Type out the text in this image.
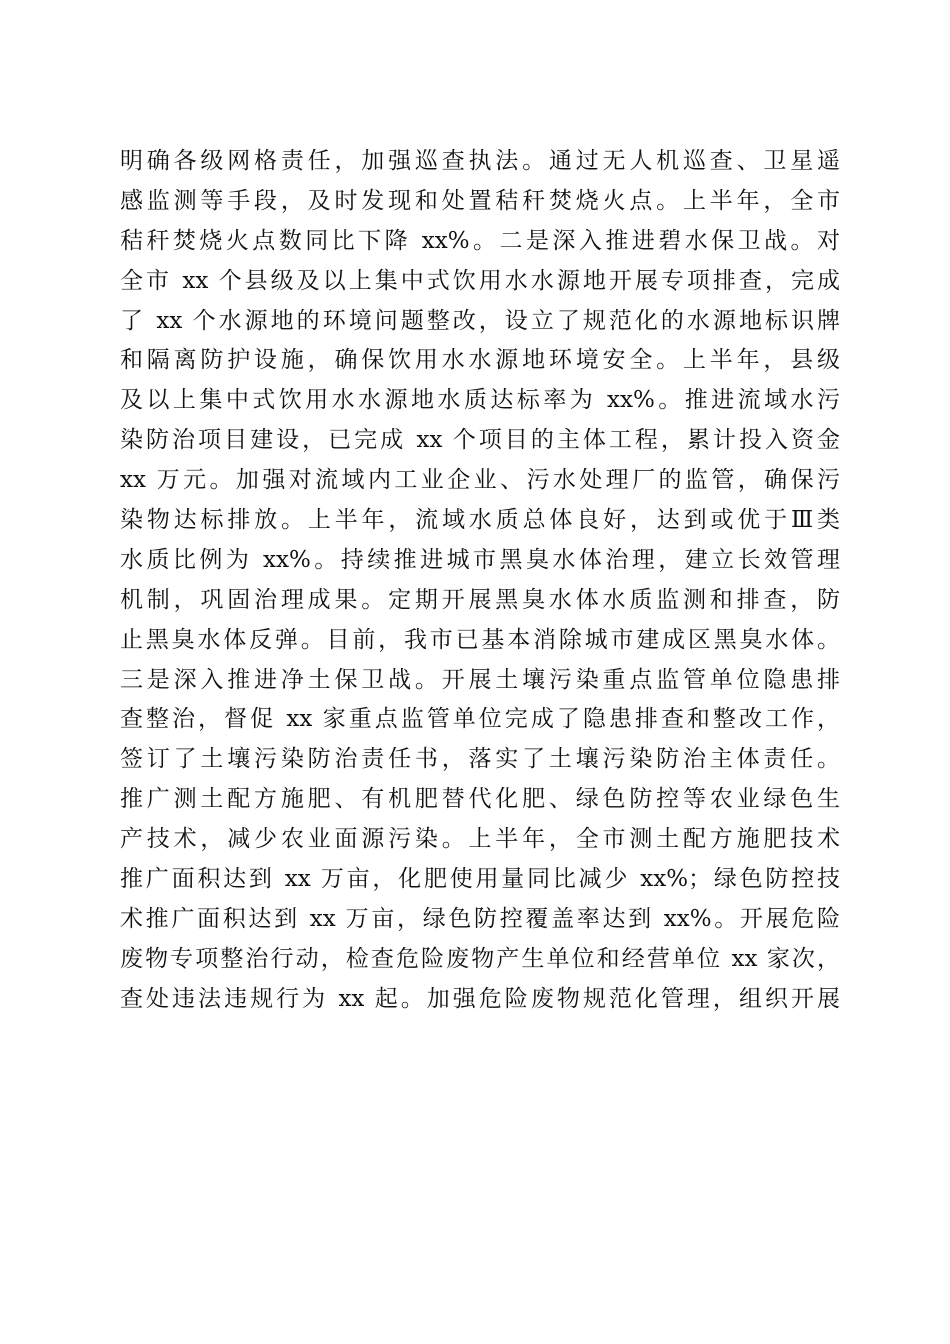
明确各级网格责任，加强巡查执法。通过无人机巡查、卫星遥
感监测等手段，及时发现和处置秸秆焚烧火点。上半年，全市
秸秆焚烧火点数同比下降 xx%。二是深入推进碧水保卫战。对
全市 xx 个县级及以上集中式饮用水水源地开展专项排查，完成
了 xx 个水源地的环境问题整改，设立了规范化的水源地标识牌
和隔离防护设施，确保饮用水水源地环境安全。上半年，县级
及以上集中式饮用水水源地水质达标率为 xx%。推进流域水污
染防治项目建设，已完成 xx 个项目的主体工程，累计投入资金
xx 万元。加强对流域内工业企业、污水处理厂的监管，确保污
染物达标排放。上半年，流域水质总体良好，达到或优于Ⅲ类
水质比例为 xx%。持续推进城市黑臭水体治理，建立长效管理
机制，巩固治理成果。定期开展黑臭水体水质监测和排查，防
止黑臭水体反弹。目前，我市已基本消除城市建成区黑臭水体。
三是深入推进净土保卫战。开展土壤污染重点监管单位隐患排
查整治，督促 xx 家重点监管单位完成了隐患排查和整改工作，
签订了土壤污染防治责任书，落实了土壤污染防治主体责任。
推广测土配方施肥、有机肥替代化肥、绿色防控等农业绿色生
产技术，减少农业面源污染。上半年，全市测土配方施肥技术
推广面积达到 xx 万亩，化肥使用量同比减少 xx%；绿色防控技
术推广面积达到 xx 万亩，绿色防控覆盖率达到 xx%。开展危险
废物专项整治行动，检查危险废物产生单位和经营单位 xx 家次，
查处违法违规行为 xx 起。加强危险废物规范化管理，组织开展
